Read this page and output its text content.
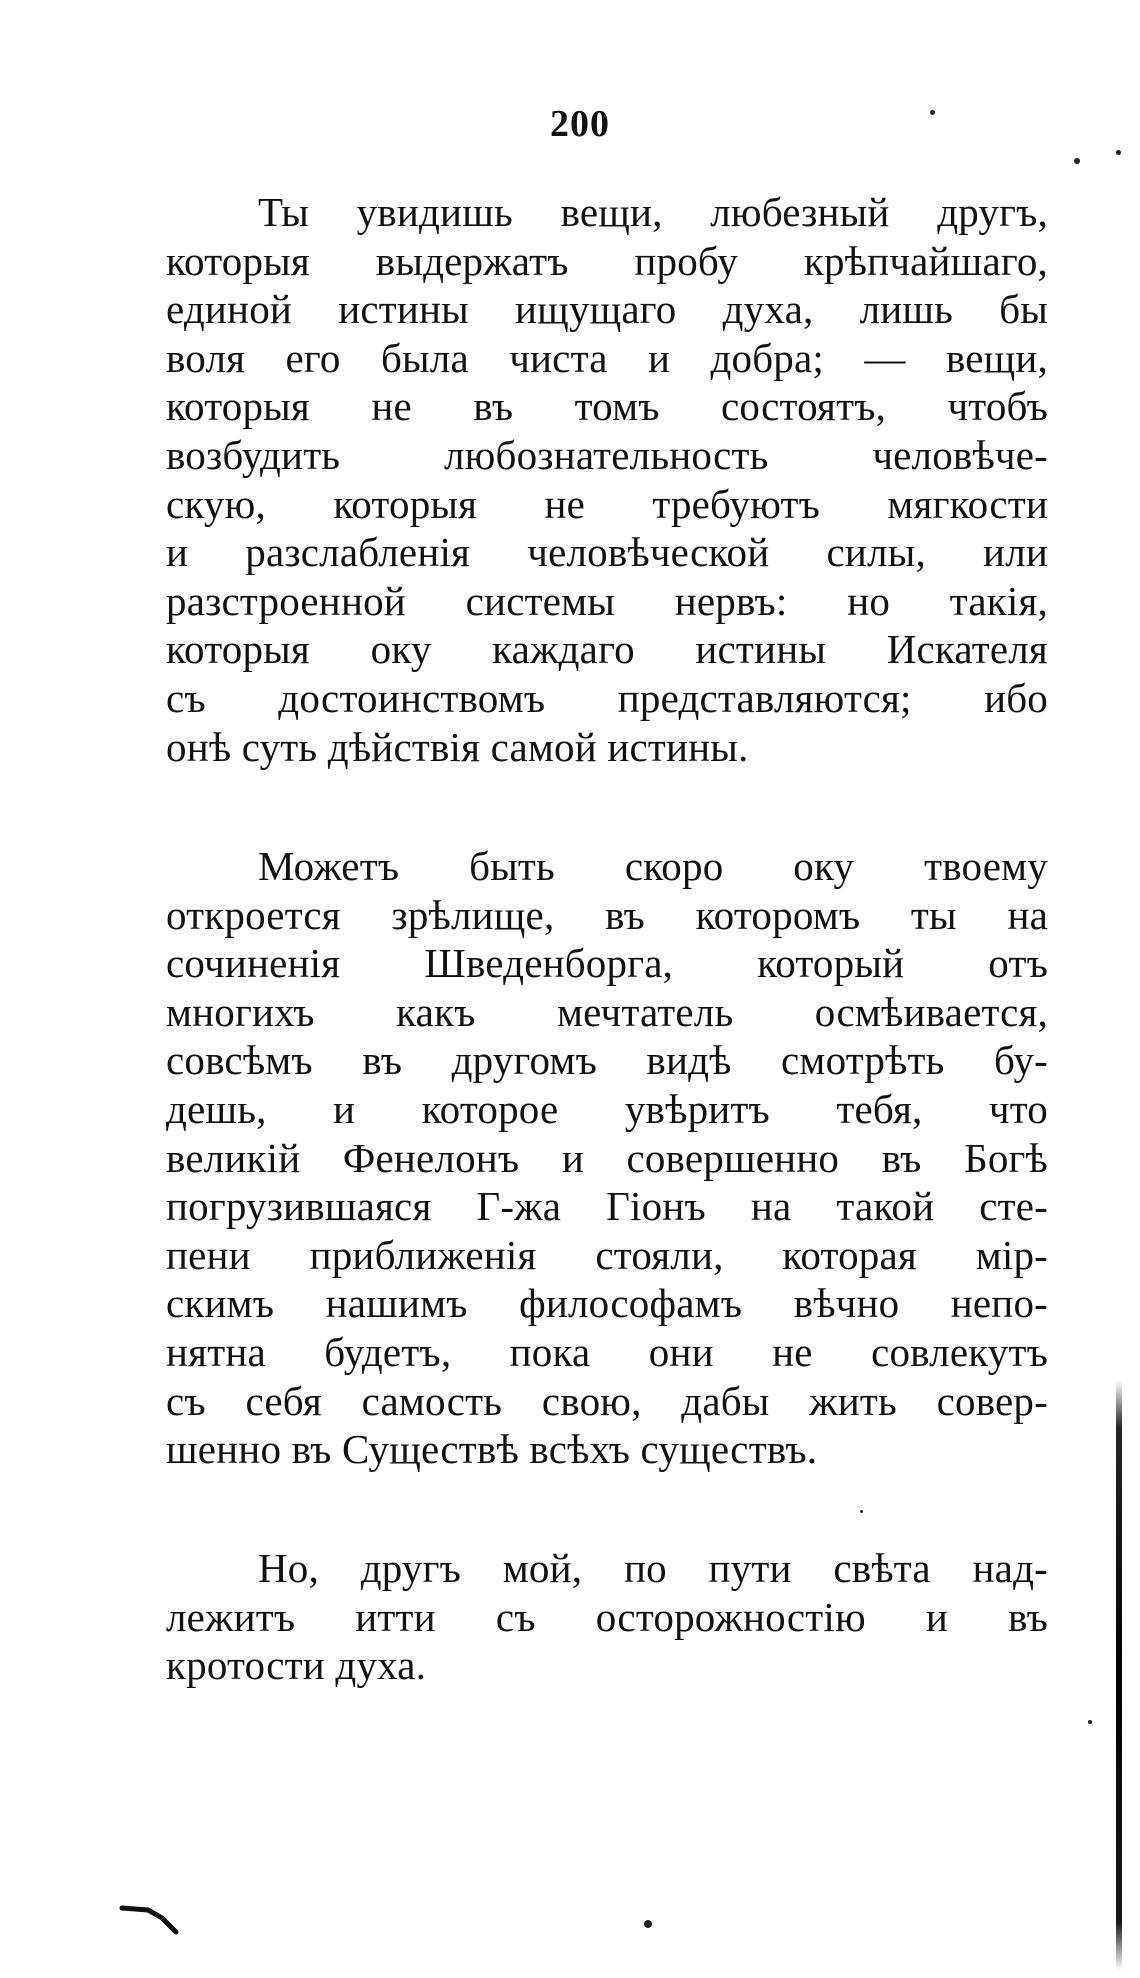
200
Ты увидишь вещи, любезный другъ,
которыя выдержатъ пробу крѣпчайшаго,
единой истины ищущаго духа, лишь бы
воля его была чиста и добра; — вещи,
которыя не въ томъ состоятъ, чтобъ
возбудить любознательность человѣче-
скую, которыя не требуютъ мягкости
и разслабленія человѣческой силы, или
разстроенной системы нервъ: но такія,
которыя оку каждаго истины Искателя
съ достоинствомъ представляются; ибо
онѣ суть дѣйствія самой истины.
Можетъ быть скоро оку твоему
откроется зрѣлище, въ которомъ ты на
сочиненія Шведенборга, который отъ
многихъ какъ мечтатель осмѣивается,
совсѣмъ въ другомъ видѣ смотрѣть бу-
дешь, и которое увѣритъ тебя, что
великій Фенелонъ и совершенно въ Богѣ
погрузившаяся Г-жа Гіонъ на такой сте-
пени приближенія стояли, которая мір-
скимъ нашимъ философамъ вѣчно непо-
нятна будетъ, пока они не совлекутъ
съ себя самость свою, дабы жить совер-
шенно въ Существѣ всѣхъ существъ.
Но, другъ мой, по пути свѣта над-
лежитъ итти съ осторожностію и въ
кротости духа.
